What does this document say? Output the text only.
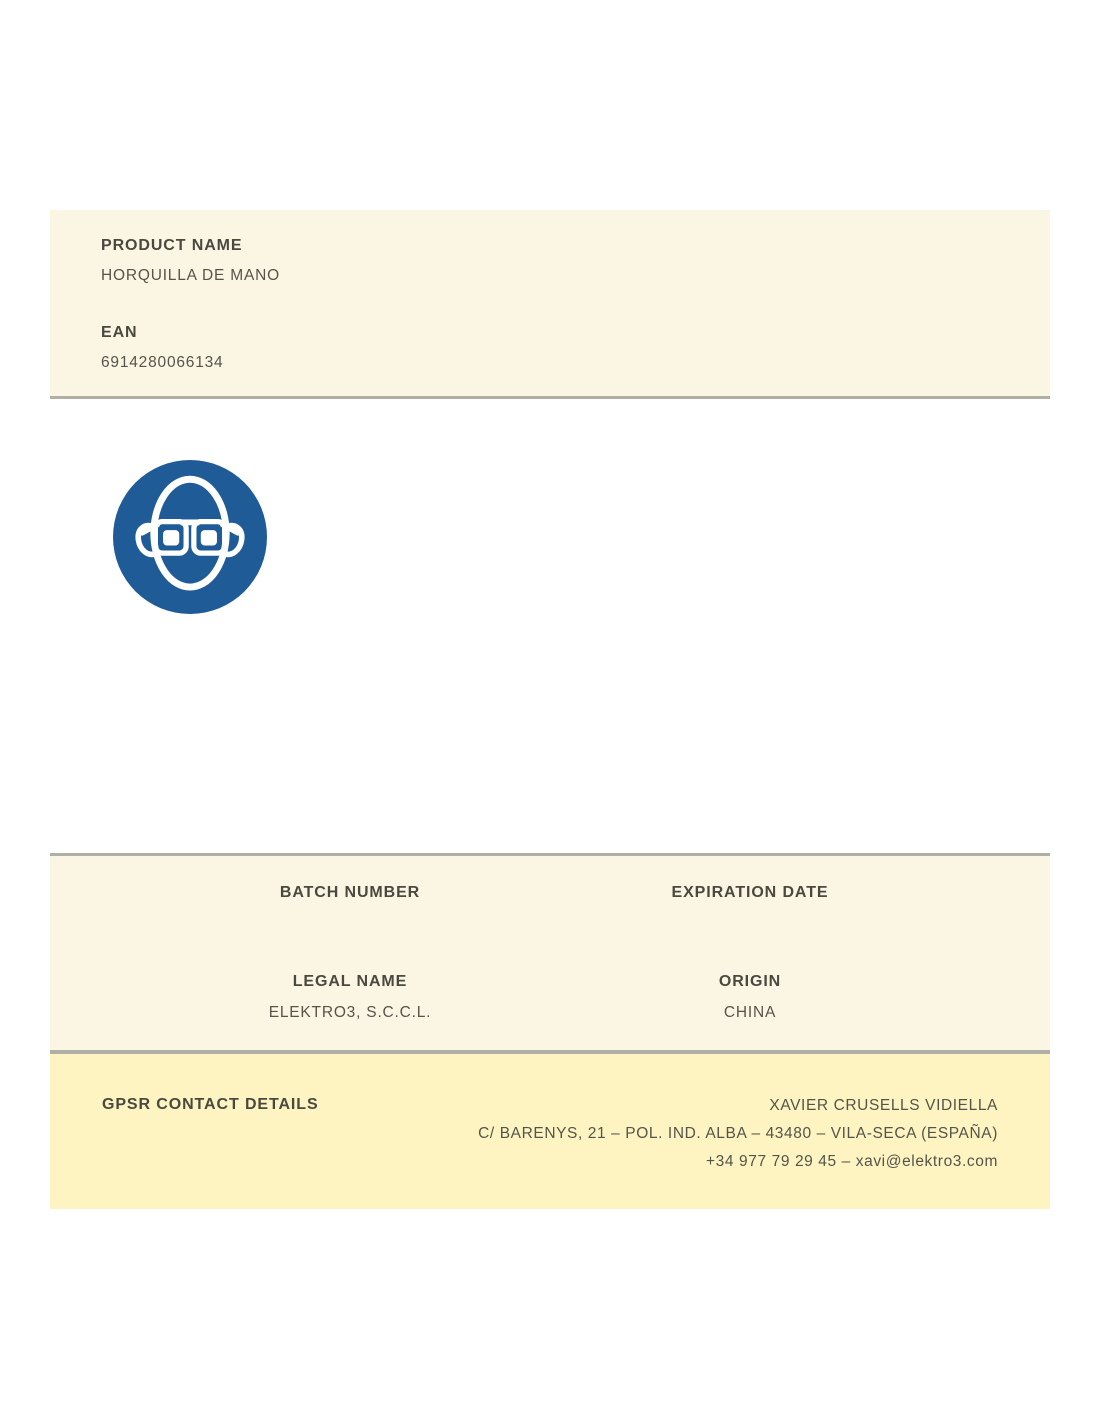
PRODUCT NAME
HORQUILLA DE MANO
EAN
6914280066134
BATCH NUMBER	EXPIRATION DATE
LEGAL NAME
ELEKTRO3, S.C.C.L.
ORIGIN
CHINA
GPSR CONTACT DETAILS	XAVIER CRUSELLS VIDIELLA
C/ BARENYS, 21 – POL. IND. ALBA – 43480 – VILA-SECA (ESPAÑA)
+34 977 79 29 45 – xavi@elektro3.com
